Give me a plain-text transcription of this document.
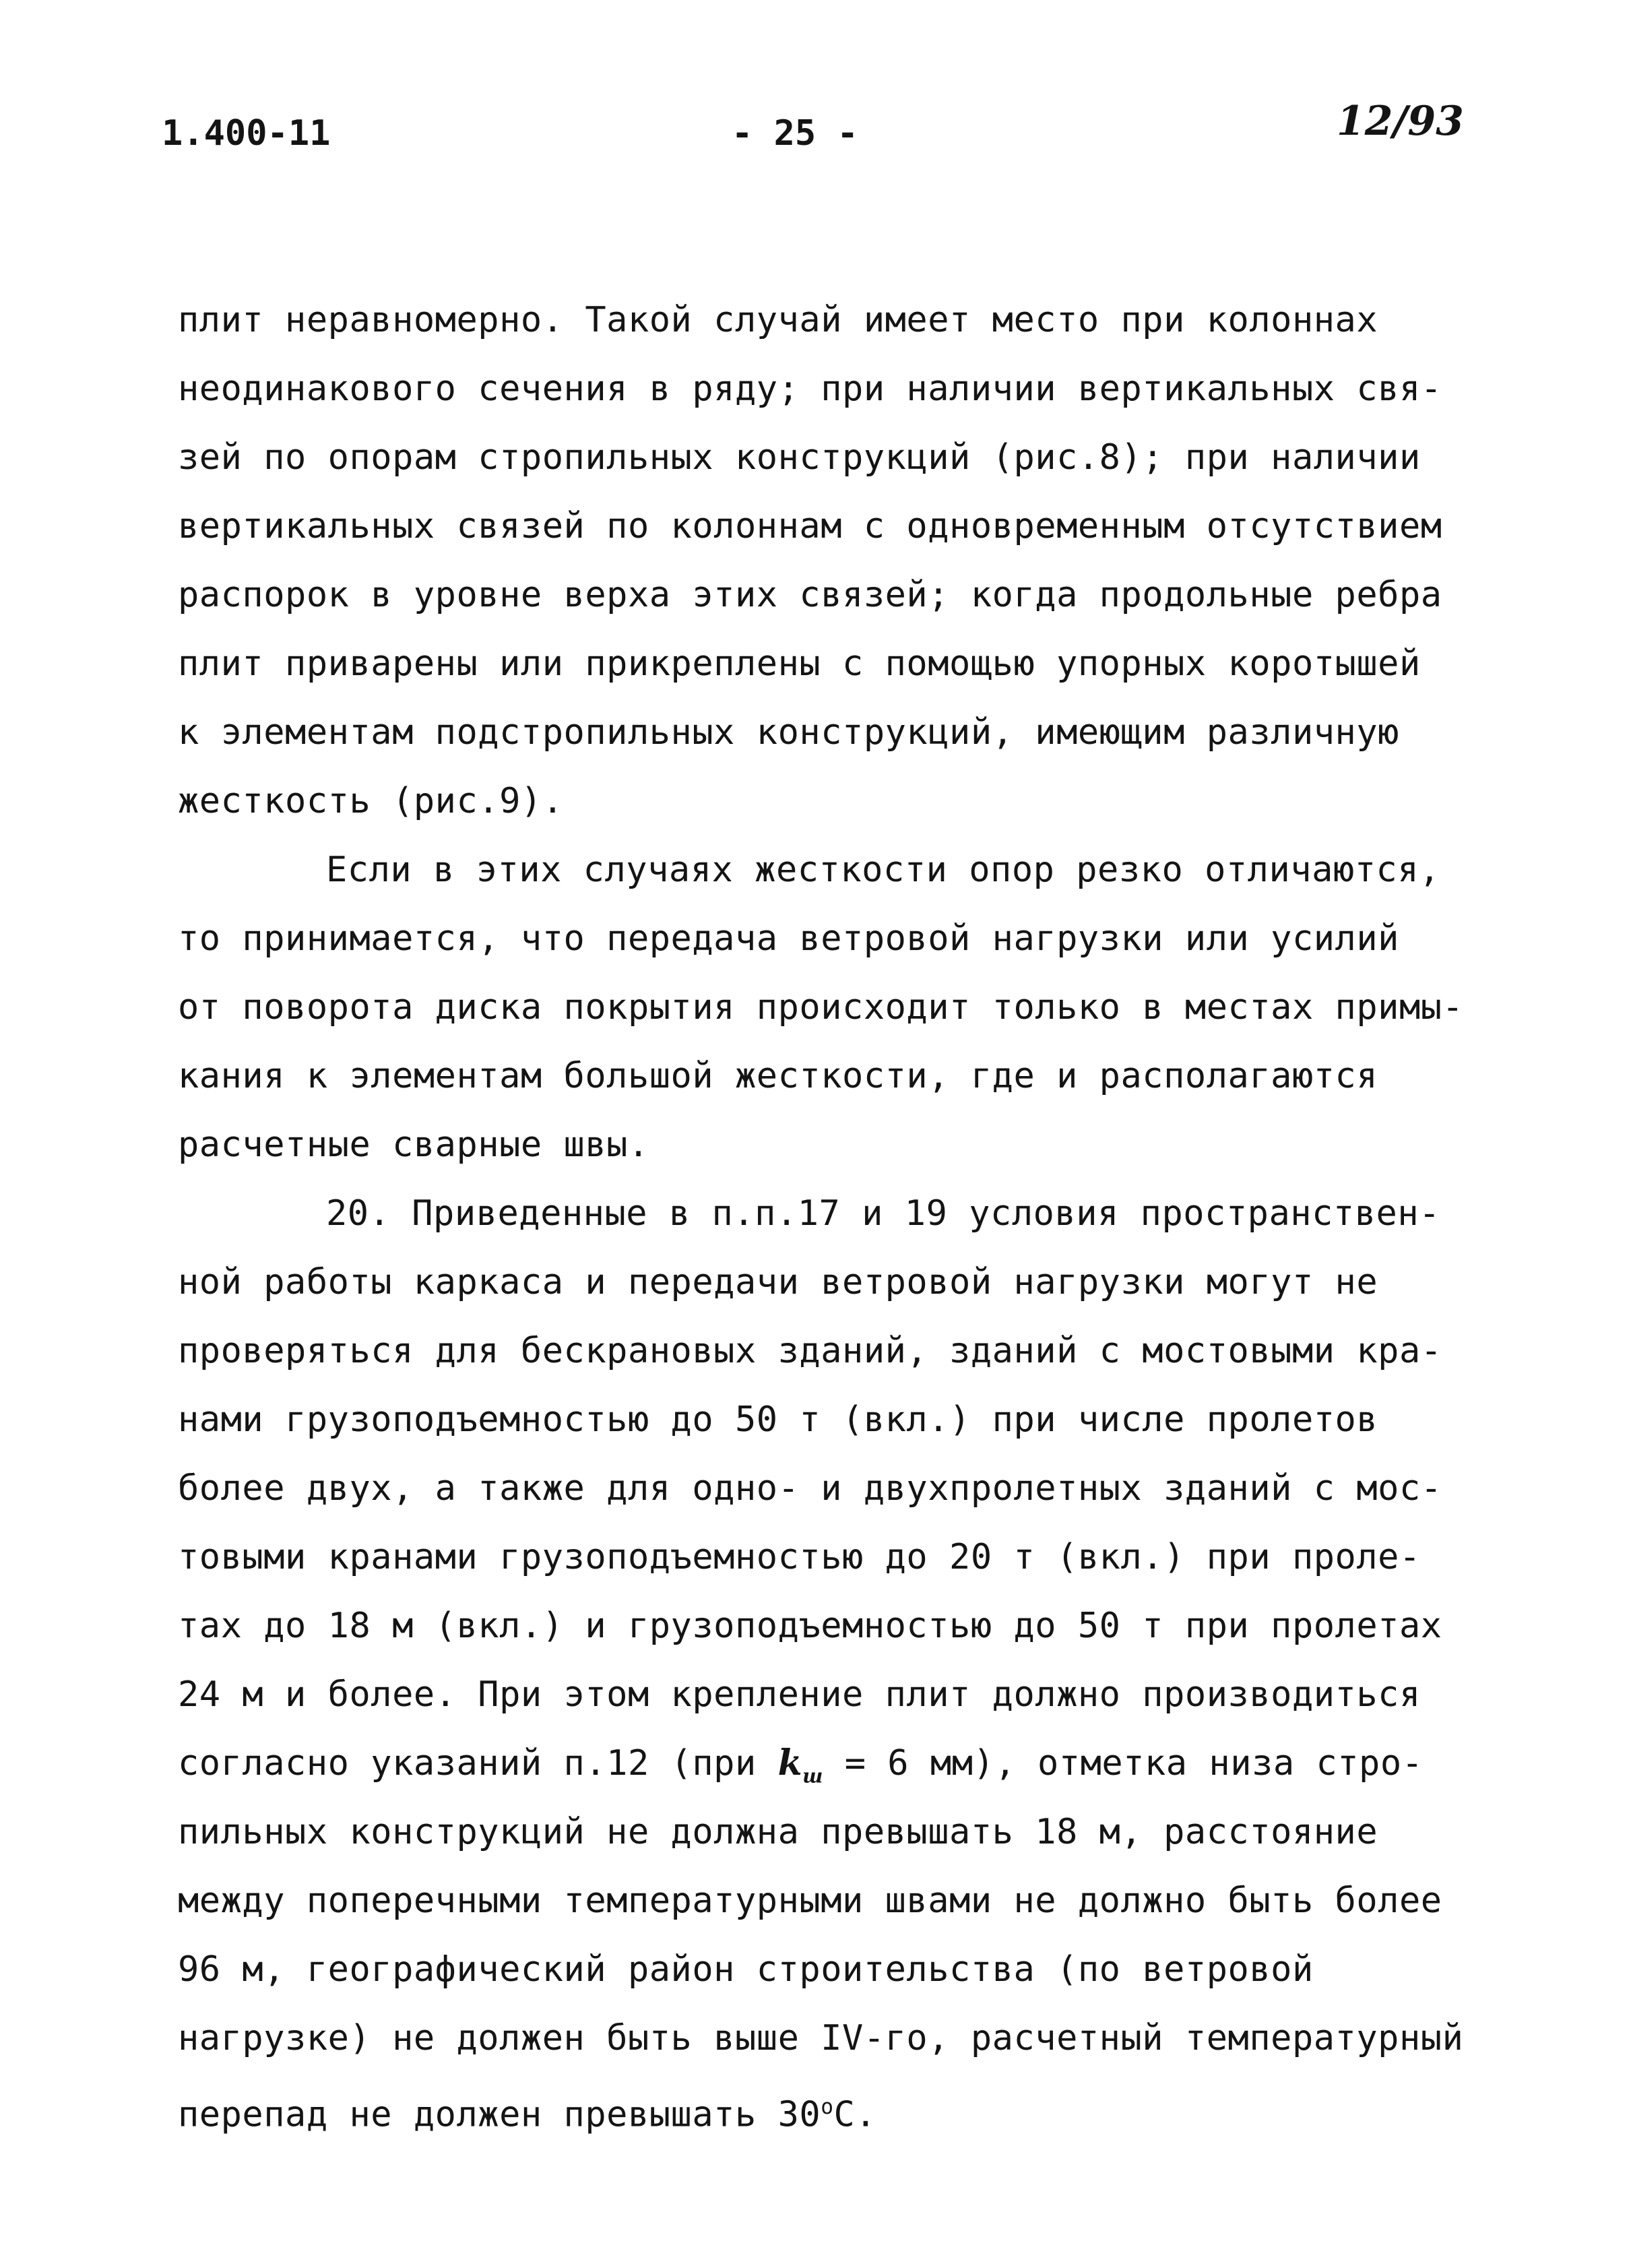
1.400-11	- 25 -	12/93
плит неравномерно. Такой случай имеет место при колоннах
неодинакового сечения в ряду; при наличии вертикальных свя-
зей по опорам стропильных конструкций (рис.8); при наличии
вертикальных связей по колоннам с одновременным отсутствием
распорок в уровне верха этих связей; когда продольные ребра
плит приварены или прикреплены с помощью упорных коротышей
к элементам подстропильных конструкций, имеющим различную
жесткость (рис.9).
Если в этих случаях жесткости опор резко отличаются,
то принимается, что передача ветровой нагрузки или усилий
от поворота диска покрытия происходит только в местах примы-
кания к элементам большой жесткости, где и располагаются
расчетные сварные швы.
20. Приведенные в п.п.17 и 19 условия пространствен-
ной работы каркаса и передачи ветровой нагрузки могут не
проверяться для бескрановых зданий, зданий с мостовыми кра-
нами грузоподъемностью до 50 т (вкл.) при числе пролетов
более двух, а также для одно- и двухпролетных зданий с мос-
товыми кранами грузоподъемностью до 20 т (вкл.) при проле-
тах до 18 м (вкл.) и грузоподъемностью до 50 т при пролетах
24 м и более. При этом крепление плит должно производиться
согласно указаний п.12 (при $k_ш = 6$ мм), отметка низа стро-
пильных конструкций не должна превышать 18 м, расстояние
между поперечными температурными швами не должно быть более
96 м, географический район строительства (по ветровой
нагрузке) не должен быть выше IV-го, расчетный температурный
перепад не должен превышать $30^оС$.
